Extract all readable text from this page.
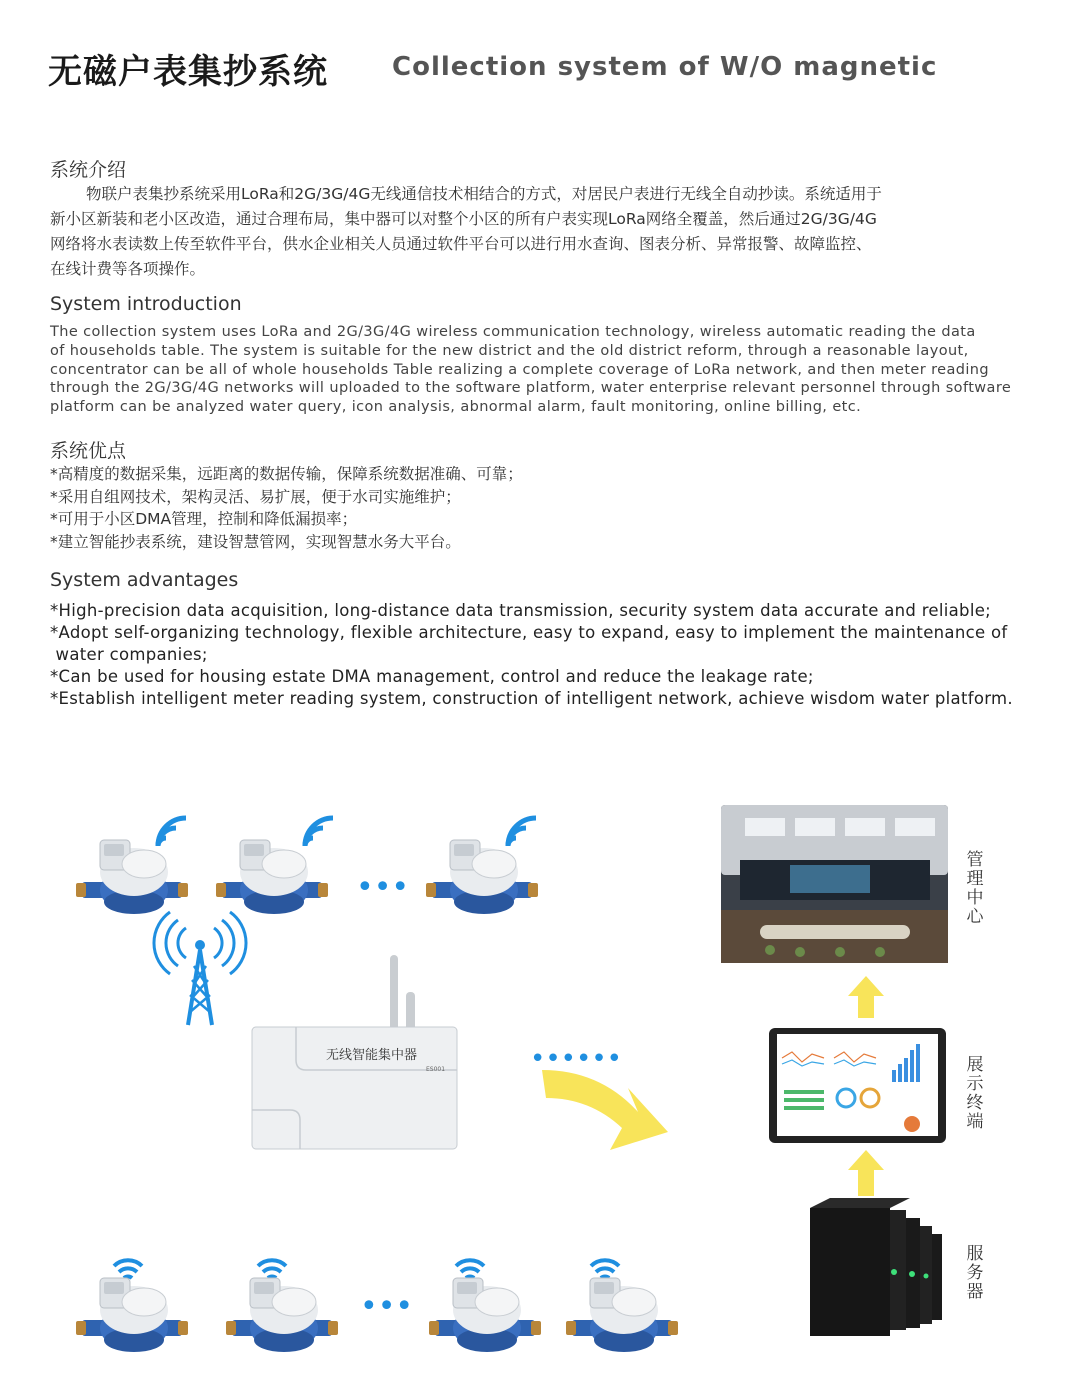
无磁户表集抄系统 Collection system of W/O magnetic
系统介绍
物联户表集抄系统采用LoRa和2G/3G/4G无线通信技术相结合的方式，对居民户表进行无线全自动抄读。系统适用于
新小区新装和老小区改造，通过合理布局，集中器可以对整个小区的所有户表实现LoRa网络全覆盖，然后通过2G/3G/4G
网络将水表读数上传至软件平台，供水企业相关人员通过软件平台可以进行用水查询、图表分析、异常报警、故障监控、
在线计费等各项操作。
System introduction
The collection system uses LoRa and 2G/3G/4G wireless communication technology, wireless automatic reading the data
of households table. The system is suitable for the new district and the old district reform, through a reasonable layout,
concentrator can be all of whole households Table realizing a complete coverage of LoRa network, and then meter reading
through the 2G/3G/4G networks will uploaded to the software platform, water enterprise relevant personnel through software
platform can be analyzed water query, icon analysis, abnormal alarm, fault monitoring, online billing, etc.
系统优点
*高精度的数据采集，远距离的数据传输，保障系统数据准确、可靠；
*采用自组网技术，架构灵活、易扩展，便于水司实施维护；
*可用于小区DMA管理，控制和降低漏损率；
*建立智能抄表系统，建设智慧管网，实现智慧水务大平台。
System advantages
*High-precision data acquisition, long-distance data transmission, security system data accurate and reliable;
*Adopt self-organizing technology, flexible architecture, easy to expand, easy to implement the maintenance of
water companies;
*Can be used for housing estate DMA management, control and reduce the leakage rate;
*Establish intelligent meter reading system, construction of intelligent network, achieve wisdom water platform.
•••
无线智能集中器
ES001	••••••
•••
管理中心
展示终端
服务器
